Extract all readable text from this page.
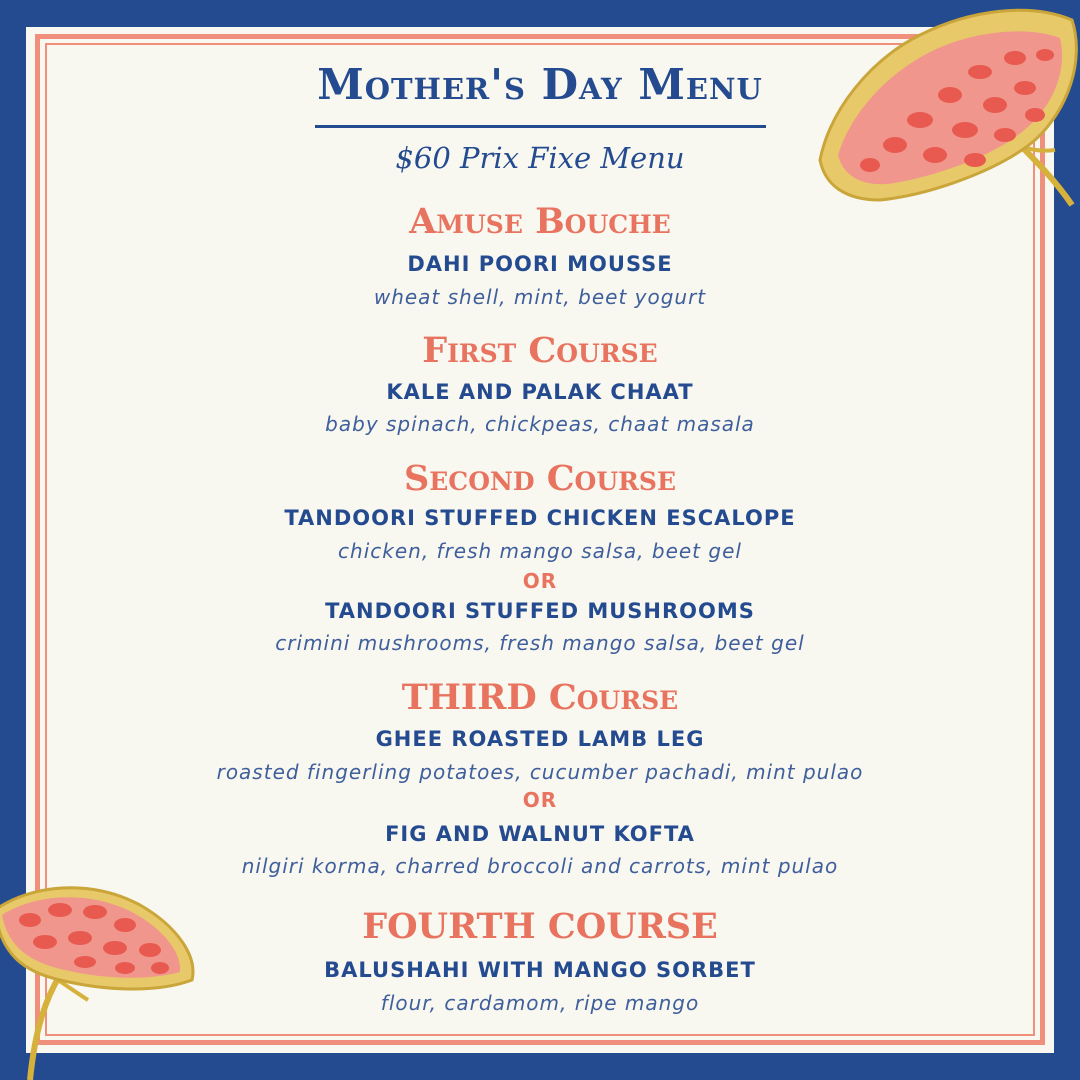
Mother's Day Menu
$60 Prix Fixe Menu
Amuse Bouche
DAHI POORI MOUSSE
wheat shell, mint, beet yogurt
First Course
KALE AND PALAK CHAAT
baby spinach, chickpeas, chaat masala
Second Course
TANDOORI STUFFED CHICKEN ESCALOPE
chicken, fresh mango salsa, beet gel
OR
TANDOORI STUFFED MUSHROOMS
crimini mushrooms, fresh mango salsa, beet gel
THIRD Course
GHEE ROASTED LAMB LEG
roasted fingerling potatoes, cucumber pachadi, mint pulao
OR
FIG AND WALNUT KOFTA
nilgiri korma, charred broccoli and carrots, mint pulao
FOURTH COURSE
BALUSHAHI WITH MANGO SORBET
flour, cardamom, ripe mango
